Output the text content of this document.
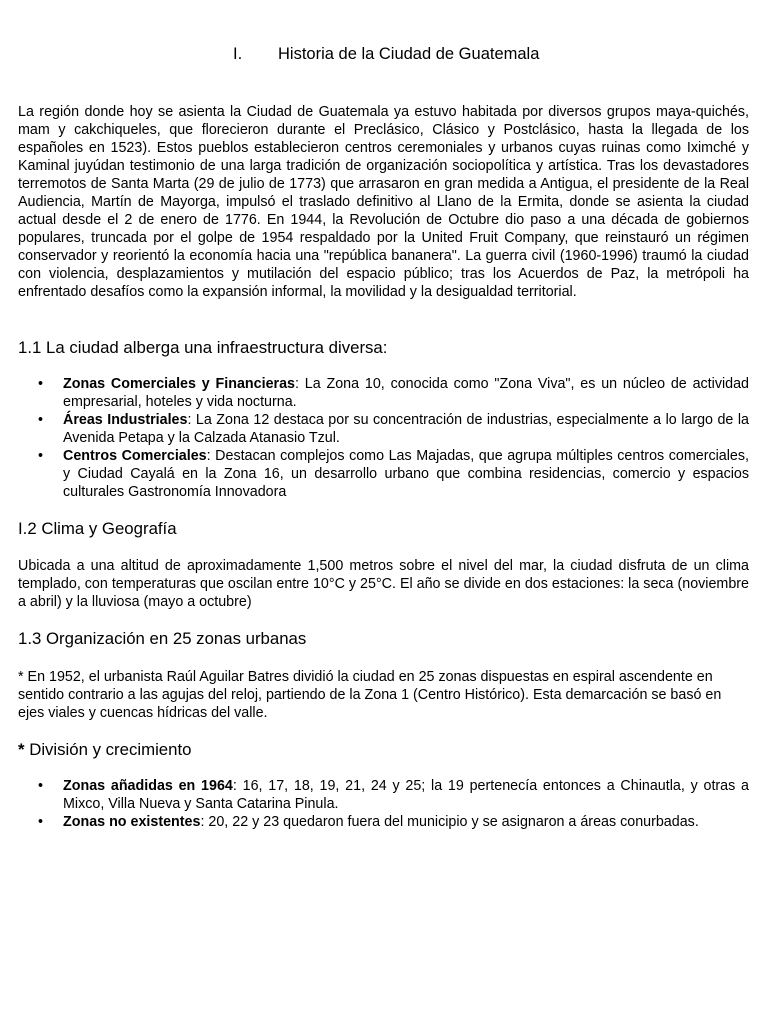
I. Historia de la Ciudad de Guatemala

La región donde hoy se asienta la Ciudad de Guatemala ya estuvo habitada por diversos grupos maya-quichés, mam y cakchiqueles, que florecieron durante el Preclásico, Clásico y Postclásico, hasta la llegada de los españoles en 1523). Estos pueblos establecieron centros ceremoniales y urbanos cuyas ruinas como Iximché y Kaminal juyúdan testimonio de una larga tradición de organización sociopolítica y artística. Tras los devastadores terremotos de Santa Marta (29 de julio de 1773) que arrasaron en gran medida a Antigua, el presidente de la Real Audiencia, Martín de Mayorga, impulsó el traslado definitivo al Llano de la Ermita, donde se asienta la ciudad actual desde el 2 de enero de 1776. En 1944, la Revolución de Octubre dio paso a una década de gobiernos populares, truncada por el golpe de 1954 respaldado por la United Fruit Company, que reinstauró un régimen conservador y reorientó la economía hacia una "república bananera". La guerra civil (1960-1996) traumó la ciudad con violencia, desplazamientos y mutilación del espacio público; tras los Acuerdos de Paz, la metrópoli ha enfrentado desafíos como la expansión informal, la movilidad y la desigualdad territorial.

1.1 La ciudad alberga una infraestructura diversa:
• Zonas Comerciales y Financieras: La Zona 10, conocida como "Zona Viva", es un núcleo de actividad empresarial, hoteles y vida nocturna.
• Áreas Industriales: La Zona 12 destaca por su concentración de industrias, especialmente a lo largo de la Avenida Petapa y la Calzada Atanasio Tzul.
• Centros Comerciales: Destacan complejos como Las Majadas, que agrupa múltiples centros comerciales, y Ciudad Cayalá en la Zona 16, un desarrollo urbano que combina residencias, comercio y espacios culturales Gastronomía Innovadora
I.2 Clima y Geografía

Ubicada a una altitud de aproximadamente 1,500 metros sobre el nivel del mar, la ciudad disfruta de un clima templado, con temperaturas que oscilan entre 10°C y 25°C. El año se divide en dos estaciones: la seca (noviembre a abril) y la lluviosa (mayo a octubre)

1.3 Organización en 25 zonas urbanas

* En 1952, el urbanista Raúl Aguilar Batres dividió la ciudad en 25 zonas dispuestas en espiral ascendente en sentido contrario a las agujas del reloj, partiendo de la Zona 1 (Centro Histórico). Esta demarcación se basó en ejes viales y cuencas hídricas del valle.

* División y crecimiento
• Zonas añadidas en 1964: 16, 17, 18, 19, 21, 24 y 25; la 19 pertenecía entonces a Chinautla, y otras a Mixco, Villa Nueva y Santa Catarina Pinula.
• Zonas no existentes: 20, 22 y 23 quedaron fuera del municipio y se asignaron a áreas conurbadas.
